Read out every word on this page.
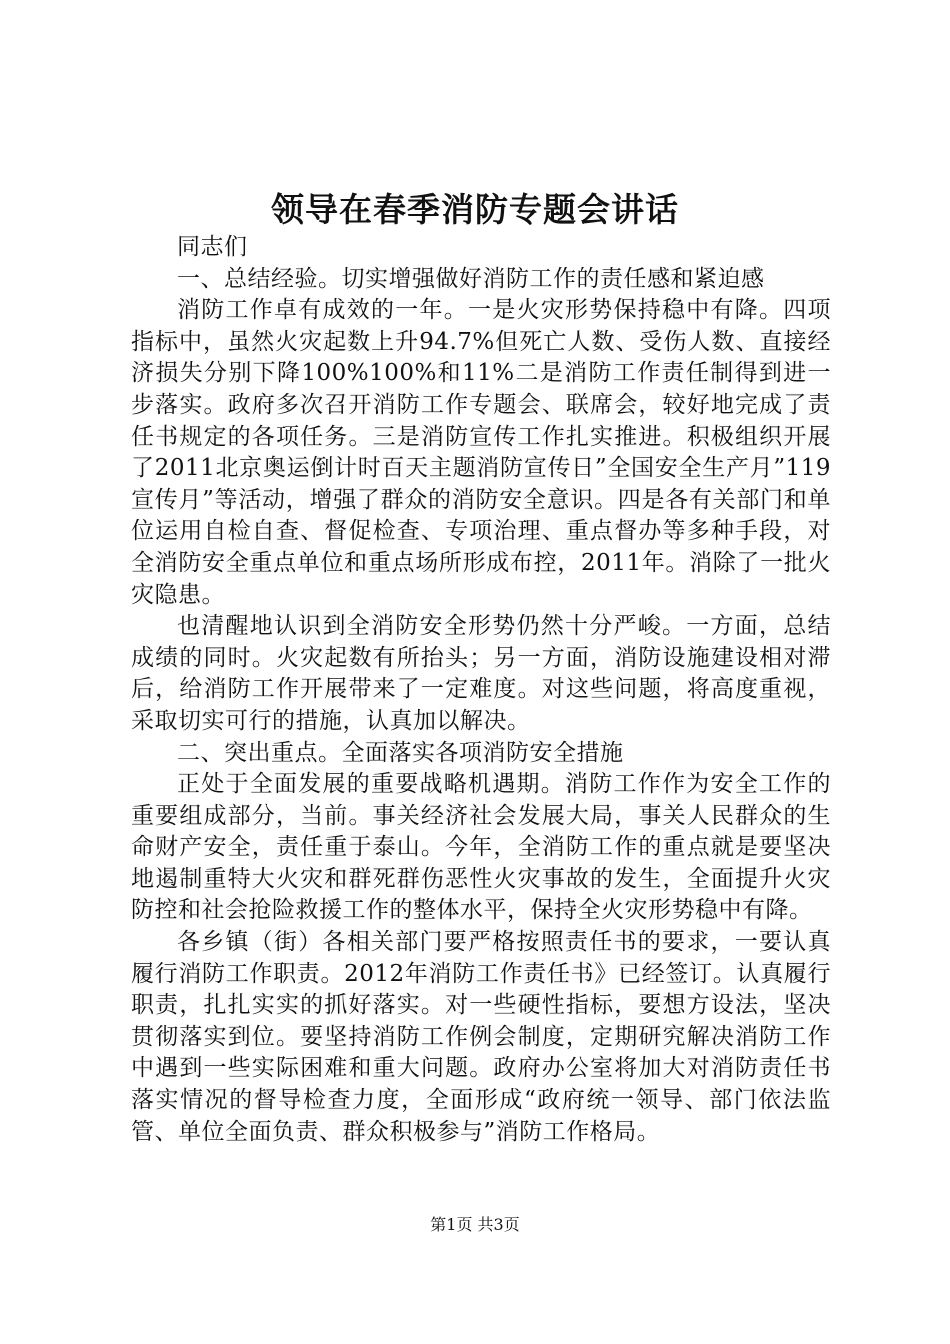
领导在春季消防专题会讲话

同志们

一、总结经验。切实增强做好消防工作的责任感和紧迫感

消防工作卓有成效的一年。一是火灾形势保持稳中有降。四项指标中，虽然火灾起数上升94.7%但死亡人数、受伤人数、直接经济损失分别下降100%100%和11%二是消防工作责任制得到进一步落实。政府多次召开消防工作专题会、联席会，较好地完成了责任书规定的各项任务。三是消防宣传工作扎实推进。积极组织开展了2011北京奥运倒计时百天主题消防宣传日”全国安全生产月”119宣传月”等活动，增强了群众的消防安全意识。四是各有关部门和单位运用自检自查、督促检查、专项治理、重点督办等多种手段，对全消防安全重点单位和重点场所形成布控，2011年。消除了一批火灾隐患。

也清醒地认识到全消防安全形势仍然十分严峻。一方面，总结成绩的同时。火灾起数有所抬头；另一方面，消防设施建设相对滞后，给消防工作开展带来了一定难度。对这些问题，将高度重视，采取切实可行的措施，认真加以解决。

二、突出重点。全面落实各项消防安全措施

正处于全面发展的重要战略机遇期。消防工作作为安全工作的重要组成部分，当前。事关经济社会发展大局，事关人民群众的生命财产安全，责任重于泰山。今年，全消防工作的重点就是要坚决地遏制重特大火灾和群死群伤恶性火灾事故的发生，全面提升火灾防控和社会抢险救援工作的整体水平，保持全火灾形势稳中有降。

各乡镇（街）各相关部门要严格按照责任书的要求，一要认真履行消防工作职责。2012年消防工作责任书》已经签订。认真履行职责，扎扎实实的抓好落实。对一些硬性指标，要想方设法，坚决贯彻落实到位。要坚持消防工作例会制度，定期研究解决消防工作中遇到一些实际困难和重大问题。政府办公室将加大对消防责任书落实情况的督导检查力度，全面形成“政府统一领导、部门依法监管、单位全面负责、群众积极参与”消防工作格局。

第1页 共3页
